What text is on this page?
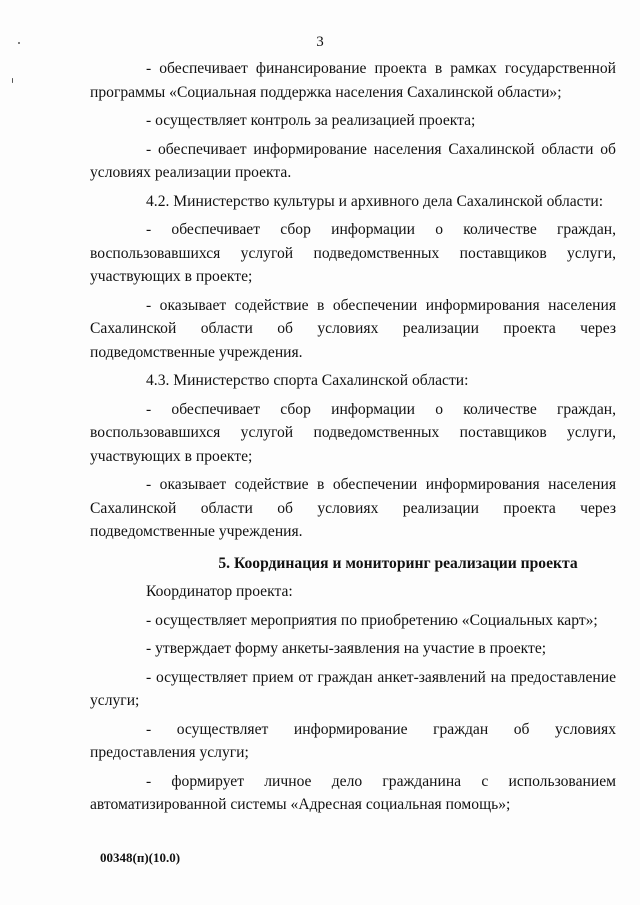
3

- обеспечивает финансирование проекта в рамках государственной программы «Социальная поддержка населения Сахалинской области»;

- осуществляет контроль за реализацией проекта;

- обеспечивает информирование населения Сахалинской области об условиях реализации проекта.

4.2. Министерство культуры и архивного дела Сахалинской области:

- обеспечивает сбор информации о количестве граждан, воспользовавшихся услугой подведомственных поставщиков услуги, участвующих в проекте;

- оказывает содействие в обеспечении информирования населения Сахалинской области об условиях реализации проекта через подведомственные учреждения.

4.3. Министерство спорта Сахалинской области:

- обеспечивает сбор информации о количестве граждан, воспользовавшихся услугой подведомственных поставщиков услуги, участвующих в проекте;

- оказывает содействие в обеспечении информирования населения Сахалинской области об условиях реализации проекта через подведомственные учреждения.

5. Координация и мониторинг реализации проекта

Координатор проекта:

- осуществляет мероприятия по приобретению «Социальных карт»;

- утверждает форму анкеты-заявления на участие в проекте;

- осуществляет прием от граждан анкет-заявлений на предоставление услуги;

- осуществляет информирование граждан об условиях предоставления услуги;

- формирует личное дело гражданина с использованием автоматизированной системы «Адресная социальная помощь»;

00348(п)(10.0)
